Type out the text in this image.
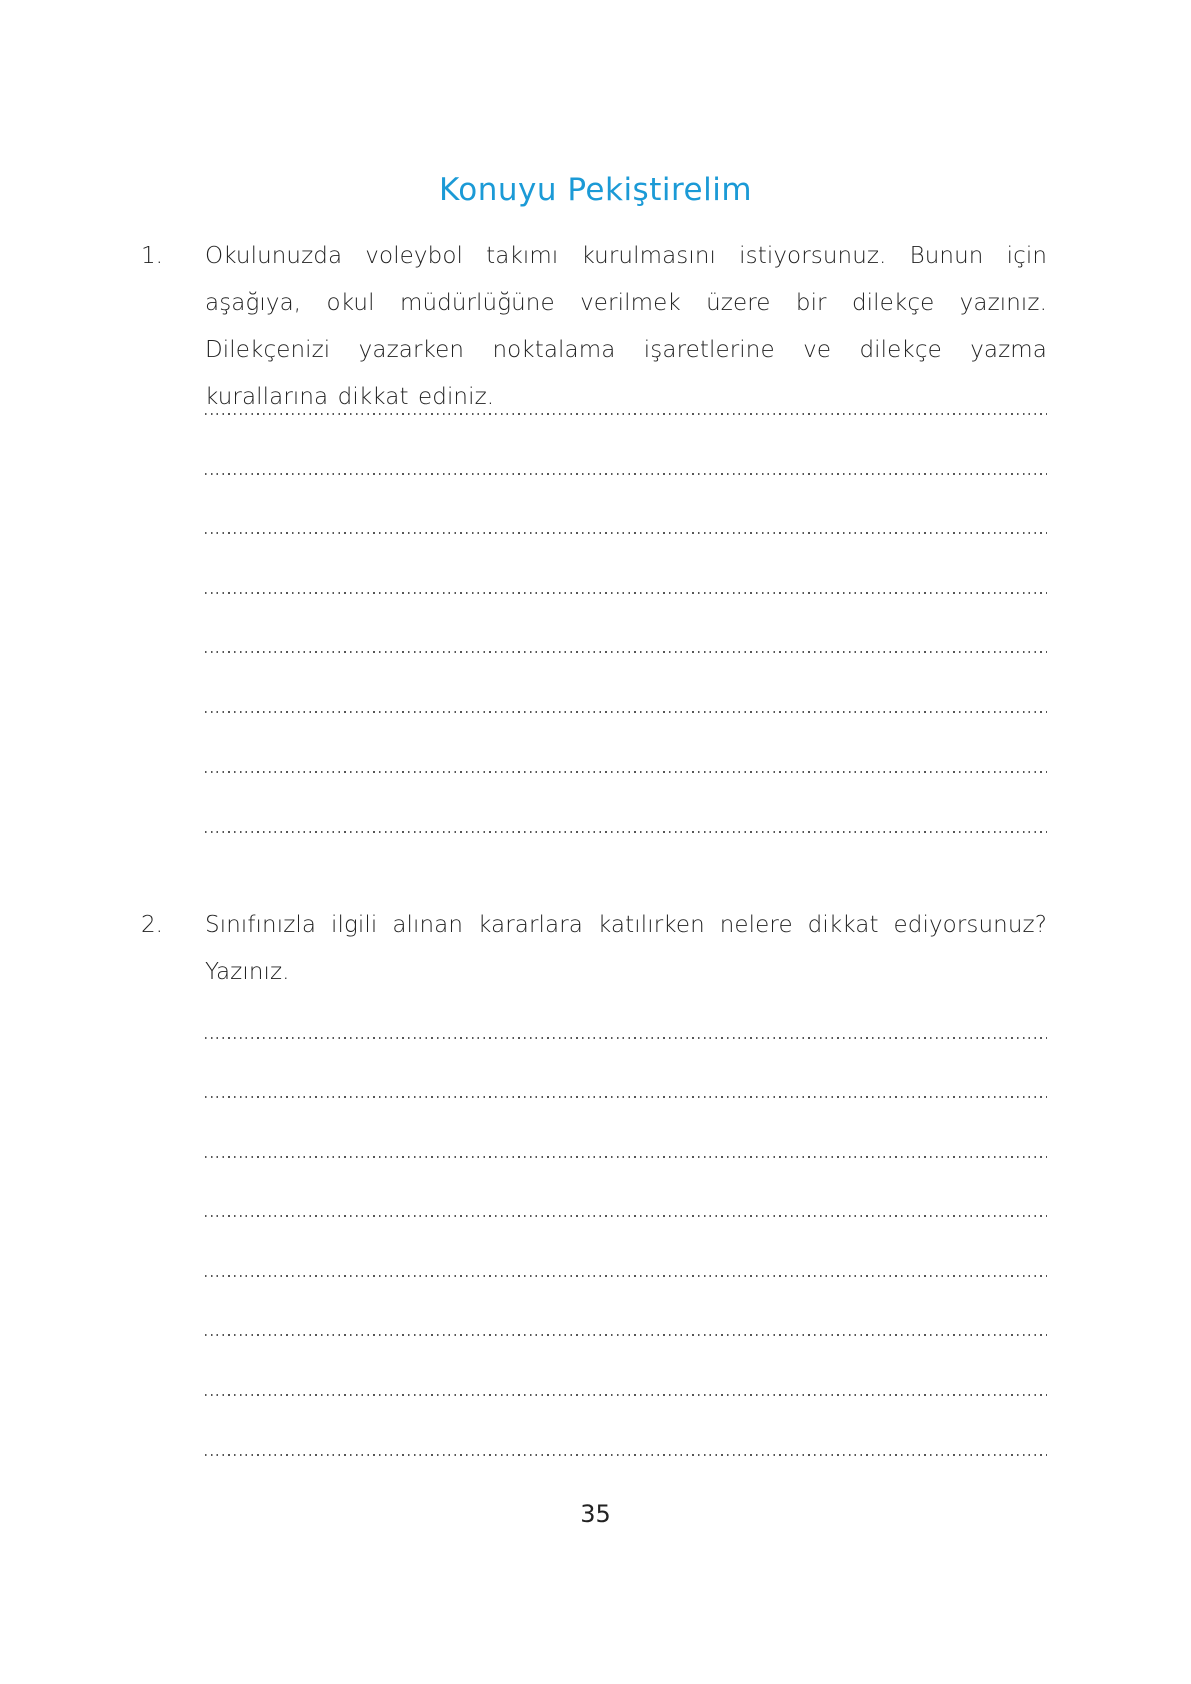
Konuyu Pekiştirelim
1. Okulunuzda voleybol takımı kurulmasını istiyorsunuz. Bunun için aşağıya, okul müdürlüğüne verilmek üzere bir dilekçe yazınız. Dilekçenizi yazarken noktalama işaretlerine ve dilekçe yazma kurallarına dikkat ediniz.
2. Sınıfınızla ilgili alınan kararlara katılırken nelere dikkat ediyorsunuz? Yazınız.
35
